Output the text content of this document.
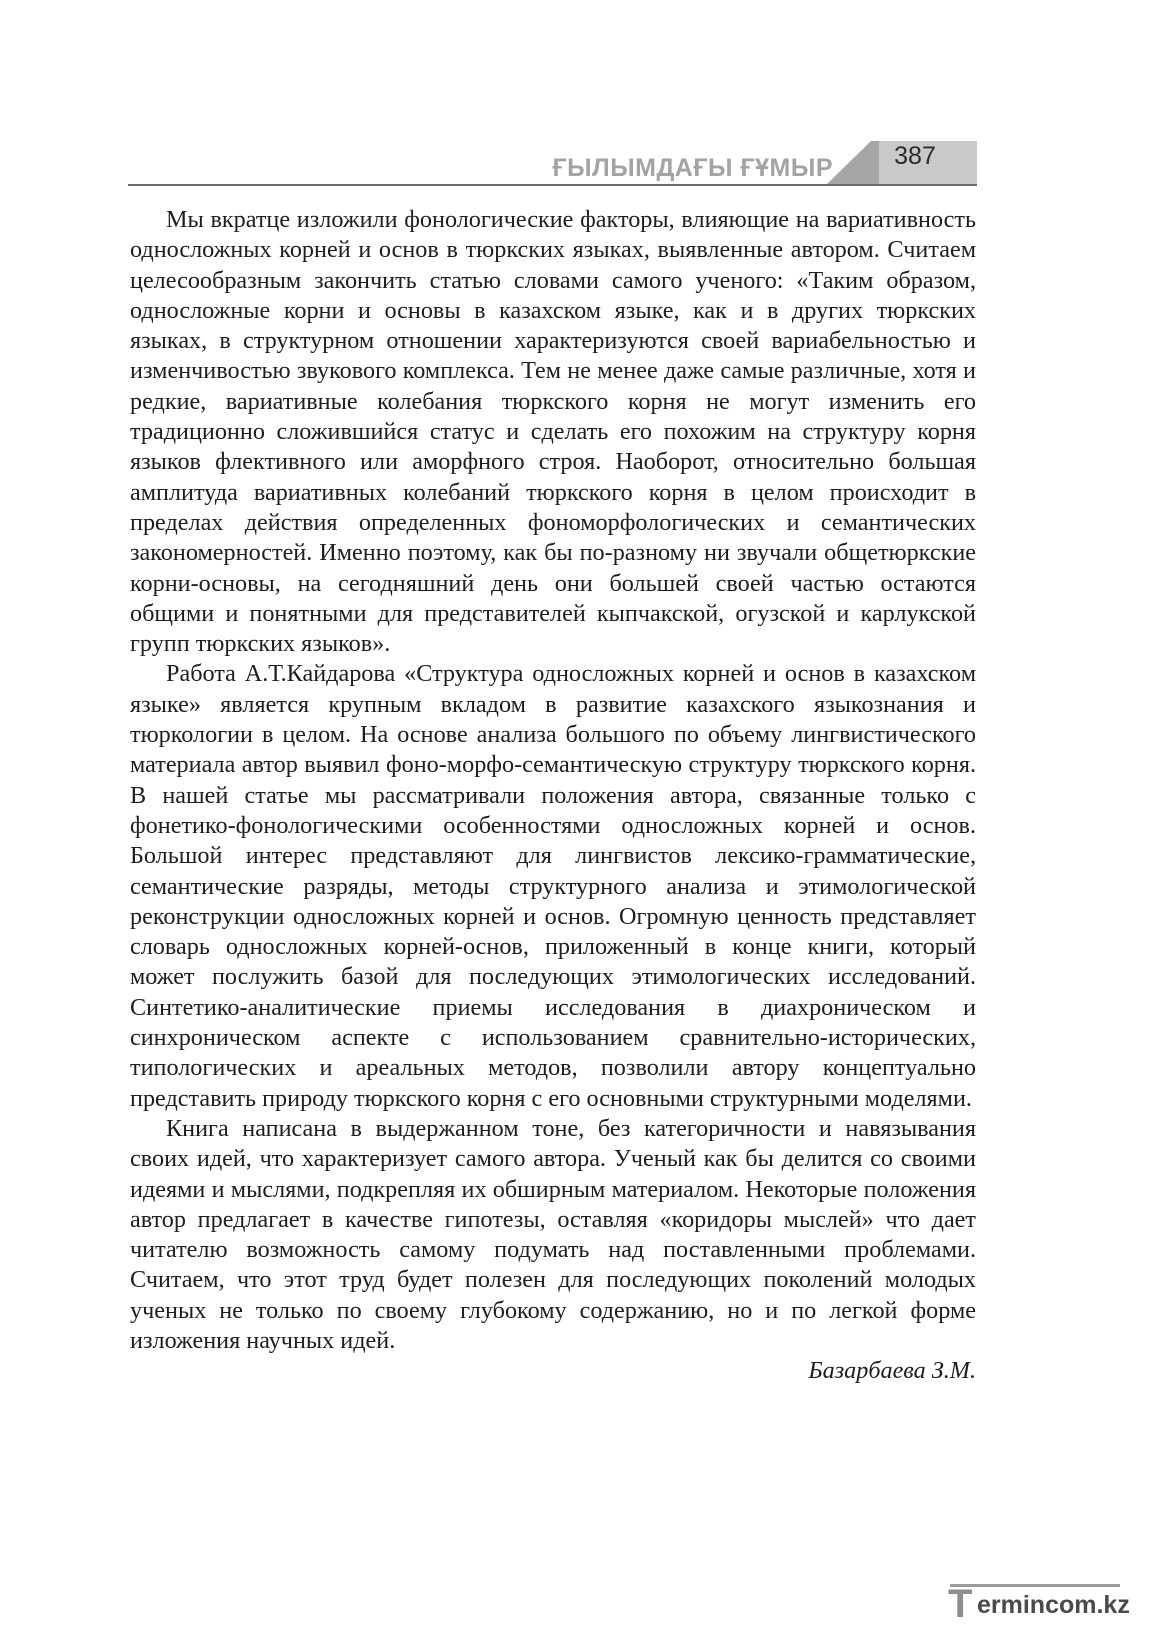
ҒЫЛЫМДАҒЫ ҒҰМЫР	387

Мы вкратце изложили фонологические факторы, влияющие на вариативность односложных корней и основ в тюркских языках, выявленные автором. Считаем целесообразным закончить статью словами самого ученого: «Таким образом, односложные корни и основы в казахском языке, как и в других тюркских языках, в структурном отношении характеризуются своей вариабельностью и изменчивостью звукового комплекса. Тем не менее даже самые различные, хотя и редкие, вариативные колебания тюркского корня не могут изменить его традиционно сложившийся статус и сделать его похожим на структуру корня языков флективного или аморфного строя. Наоборот, относительно большая амплитуда вариативных колебаний тюркского корня в целом происходит в пределах действия определенных фономорфологических и семантических закономерностей. Именно поэтому, как бы по-разному ни звучали общетюркские корни-основы, на сегодняшний день они большей своей частью остаются общими и понятными для представителей кыпчакской, огузской и карлукской групп тюркских языков».

Работа А.Т.Кайдарова «Структура односложных корней и основ в казахском языке» является крупным вкладом в развитие казахского языкознания и тюркологии в целом. На основе анализа большого по объему лингвистического материала автор выявил фоно-морфо-семантическую структуру тюркского корня. В нашей статье мы рассматривали положения автора, связанные только с фонетико-фонологическими особенностями односложных корней и основ. Большой интерес представляют для лингвистов лексико-грамматические, семантические разряды, методы структурного анализа и этимологической реконструкции односложных корней и основ. Огромную ценность представляет словарь односложных корней-основ, приложенный в конце книги, который может послужить базой для последующих этимологических исследований. Синтетико-аналитические приемы исследования в диахроническом и синхроническом аспекте с использованием сравнительно-исторических, типологических и ареальных методов, позволили автору концептуально представить природу тюркского корня с его основными структурными моделями.

Книга написана в выдержанном тоне, без категоричности и навязывания своих идей, что характеризует самого автора. Ученый как бы делится со своими идеями и мыслями, подкрепляя их обширным материалом. Некоторые положения автор предлагает в качестве гипотезы, оставляя «коридоры мыслей» что дает читателю возможность самому подумать над поставленными проблемами. Считаем, что этот труд будет полезен для последующих поколений молодых ученых не только по своему глубокому содержанию, но и по легкой форме изложения научных идей.

Базарбаева З.М.

T ermincom.kz
